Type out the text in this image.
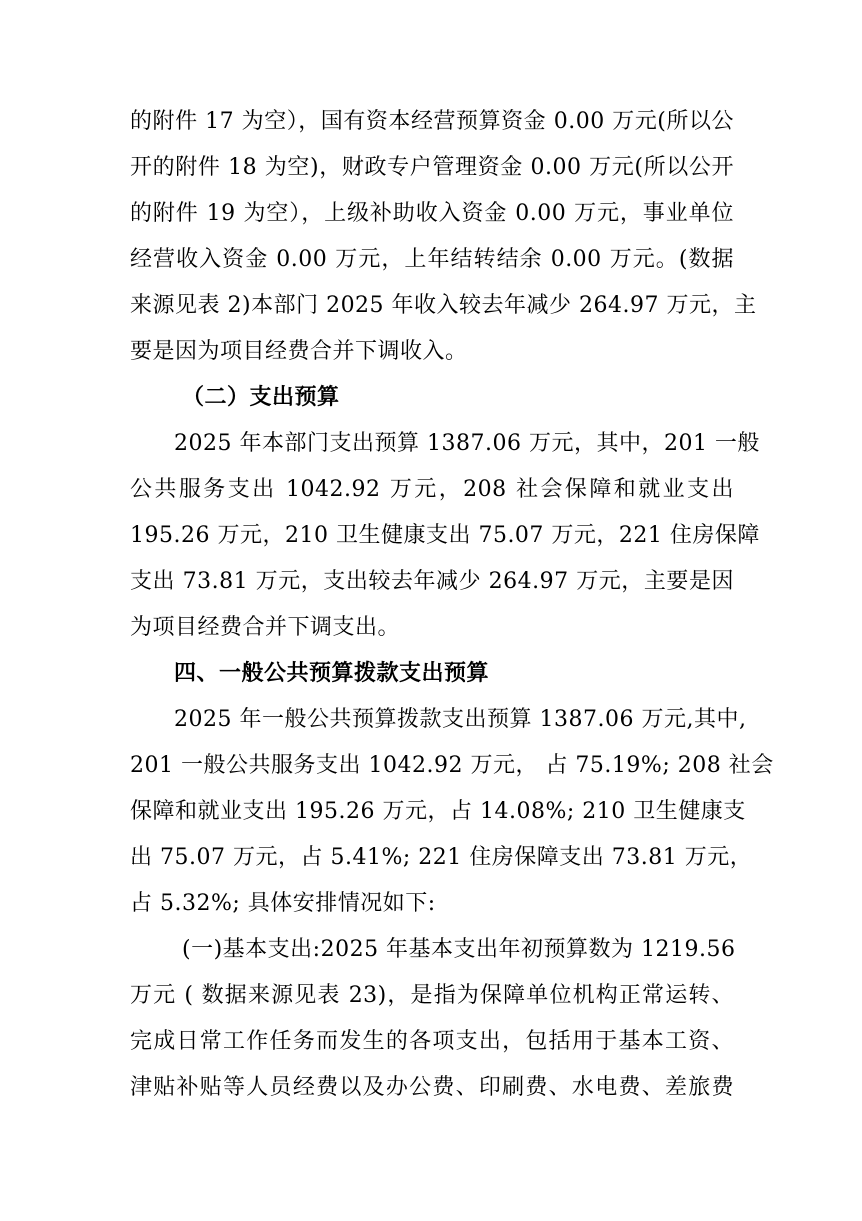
的附件 17 为空），国有资本经营预算资金 0.00 万元(所以公
开的附件 18 为空)，财政专户管理资金 0.00 万元(所以公开
的附件 19 为空），上级补助收入资金 0.00 万元，事业单位
经营收入资金 0.00 万元，上年结转结余 0.00 万元。(数据
来源见表 2)本部门 2025 年收入较去年减少 264.97 万元，主
要是因为项目经费合并下调收入。
（二）支出预算
2025 年本部门支出预算 1387.06 万元，其中，201 一般
公共服务支出 1042.92 万元，208 社会保障和就业支出
195.26 万元，210 卫生健康支出 75.07 万元，221 住房保障
支出 73.81 万元，支出较去年减少 264.97 万元，主要是因
为项目经费合并下调支出。
四、一般公共预算拨款支出预算
2025 年一般公共预算拨款支出预算 1387.06 万元,其中,
201 一般公共服务支出 1042.92 万元， 占 75.19%; 208 社会
保障和就业支出 195.26 万元，占 14.08%; 210 卫生健康支
出 75.07 万元，占 5.41%; 221 住房保障支出 73.81 万元，
占 5.32%; 具体安排情况如下:
(一)基本支出:2025 年基本支出年初预算数为 1219.56
万元 ( 数据来源见表 23)，是指为保障单位机构正常运转、
完成日常工作任务而发生的各项支出，包括用于基本工资、
津贴补贴等人员经费以及办公费、印刷费、水电费、差旅费
